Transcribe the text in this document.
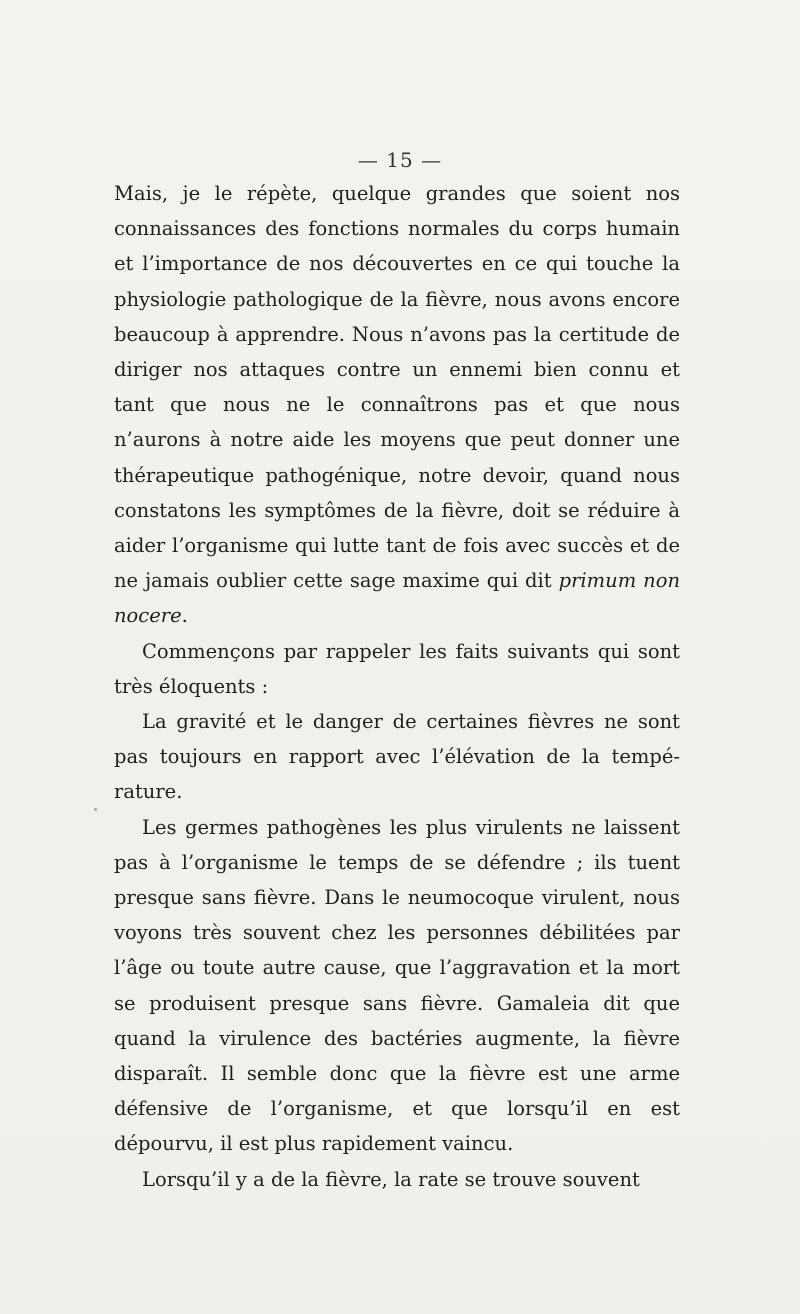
— 15 —

Mais, je le répète, quelque grandes que soient nos connaissances des fonctions normales du corps humain et l’importance de nos découvertes en ce qui touche la physiologie pathologique de la fièvre, nous avons encore beaucoup à apprendre. Nous n’avons pas la certitude de diriger nos attaques contre un ennemi bien connu et tant que nous ne le connaîtrons pas et que nous n’aurons à notre aide les moyens que peut donner une thérapeutique pathogénique, notre devoir, quand nous constatons les symptômes de la fièvre, doit se réduire à aider l’organisme qui lutte tant de fois avec succès et de ne jamais oublier cette sage maxime qui dit primum non nocere.

Commençons par rappeler les faits suivants qui sont très éloquents :

La gravité et le danger de certaines fièvres ne sont pas toujours en rapport avec l’élévation de la tempé-rature.

Les germes pathogènes les plus virulents ne laissent pas à l’organisme le temps de se défendre ; ils tuent presque sans fièvre. Dans le neumocoque virulent, nous voyons très souvent chez les personnes débilitées par l’âge ou toute autre cause, que l’aggravation et la mort se produisent presque sans fièvre. Gamaleia dit que quand la virulence des bactéries augmente, la fièvre disparaît. Il semble donc que la fièvre est une arme défensive de l’organisme, et que lorsqu’il en est dépourvu, il est plus rapidement vaincu.

Lorsqu’il y a de la fièvre, la rate se trouve souvent
